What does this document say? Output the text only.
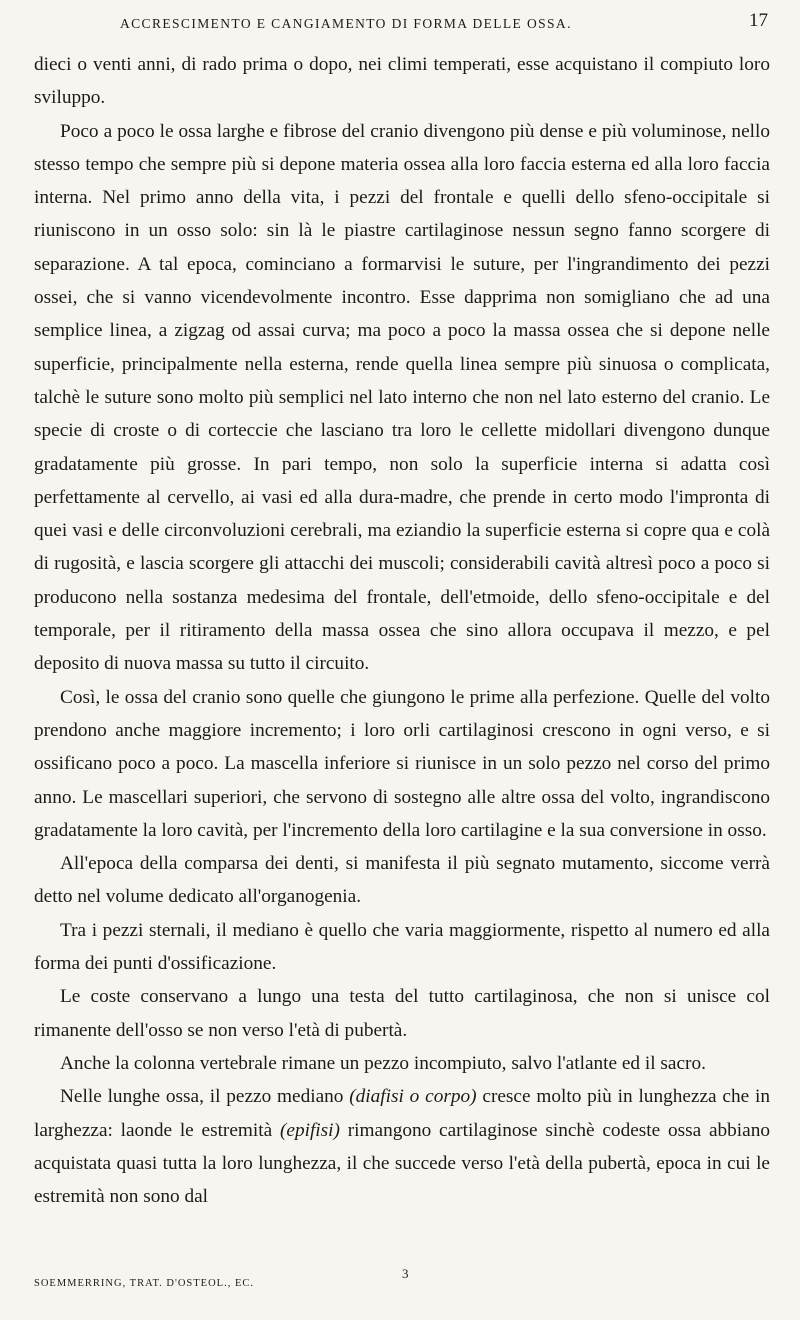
ACCRESCIMENTO E CANGIAMENTO DI FORMA DELLE OSSA.	17

dieci o venti anni, di rado prima o dopo, nei climi temperati, esse acquistano il compiuto loro sviluppo.

Poco a poco le ossa larghe e fibrose del cranio divengono più dense e più voluminose, nello stesso tempo che sempre più si depone materia ossea alla loro faccia esterna ed alla loro faccia interna. Nel primo anno della vita, i pezzi del frontale e quelli dello sfeno-occipitale si riuniscono in un osso solo: sin là le piastre cartilaginose nessun segno fanno scorgere di separazione. A tal epoca, cominciano a formarvisi le suture, per l'ingrandimento dei pezzi ossei, che si vanno vicendevolmente incontro. Esse dapprima non somigliano che ad una semplice linea, a zigzag od assai curva; ma poco a poco la massa ossea che si depone nelle superficie, principalmente nella esterna, rende quella linea sempre più sinuosa o complicata, talchè le suture sono molto più semplici nel lato interno che non nel lato esterno del cranio. Le specie di croste o di corteccie che lasciano tra loro le cellette midollari divengono dunque gradatamente più grosse. In pari tempo, non solo la superficie interna si adatta così perfettamente al cervello, ai vasi ed alla dura-madre, che prende in certo modo l'impronta di quei vasi e delle circonvoluzioni cerebrali, ma eziandio la superficie esterna si copre qua e colà di rugosità, e lascia scorgere gli attacchi dei muscoli; considerabili cavità altresì poco a poco si producono nella sostanza medesima del frontale, dell'etmoide, dello sfeno-occipitale e del temporale, per il ritiramento della massa ossea che sino allora occupava il mezzo, e pel deposito di nuova massa su tutto il circuito.

Così, le ossa del cranio sono quelle che giungono le prime alla perfezione. Quelle del volto prendono anche maggiore incremento; i loro orli cartilaginosi crescono in ogni verso, e si ossificano poco a poco. La mascella inferiore si riunisce in un solo pezzo nel corso del primo anno. Le mascellari superiori, che servono di sostegno alle altre ossa del volto, ingrandiscono gradatamente la loro cavità, per l'incremento della loro cartilagine e la sua conversione in osso.

All'epoca della comparsa dei denti, si manifesta il più segnato mutamento, siccome verrà detto nel volume dedicato all'organogenia.

Tra i pezzi sternali, il mediano è quello che varia maggiormente, rispetto al numero ed alla forma dei punti d'ossificazione.

Le coste conservano a lungo una testa del tutto cartilaginosa, che non si unisce col rimanente dell'osso se non verso l'età di pubertà.

Anche la colonna vertebrale rimane un pezzo incompiuto, salvo l'atlante ed il sacro.

Nelle lunghe ossa, il pezzo mediano (diafisi o corpo) cresce molto più in lunghezza che in larghezza: laonde le estremità (epifisi) rimangono cartilaginose sinchè codeste ossa abbiano acquistata quasi tutta la loro lunghezza, il che succede verso l'età della pubertà, epoca in cui le estremità non sono dal

SOEMMERRING, TRAT. D'OSTEOL., EC.
3
